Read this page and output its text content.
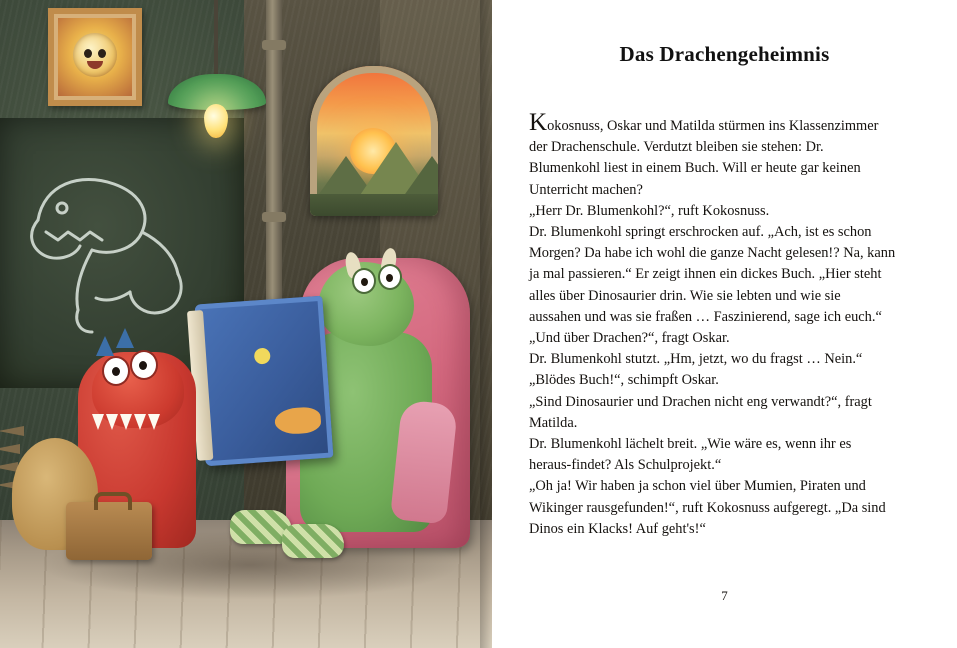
Das Drachengeheimnis

Kokosnuss, Oskar und Matilda stürmen ins Klassenzimmer der Drachenschule. Verdutzt bleiben sie stehen: Dr. Blumenkohl liest in einem Buch. Will er heute gar keinen Unterricht machen?

„Herr Dr. Blumenkohl?“, ruft Kokosnuss.

Dr. Blumenkohl springt erschrocken auf. „Ach, ist es schon Morgen? Da habe ich wohl die ganze Nacht gelesen!? Na, kann ja mal passieren.“ Er zeigt ihnen ein dickes Buch. „Hier steht alles über Dinosaurier drin. Wie sie lebten und wie sie aussahen und was sie fraßen … Faszinierend, sage ich euch.“

„Und über Drachen?“, fragt Oskar.

Dr. Blumenkohl stutzt. „Hm, jetzt, wo du fragst … Nein.“

„Blödes Buch!“, schimpft Oskar.

„Sind Dinosaurier und Drachen nicht eng verwandt?“, fragt Matilda.

Dr. Blumenkohl lächelt breit. „Wie wäre es, wenn ihr es heraus-findet? Als Schulprojekt.“

„Oh ja! Wir haben ja schon viel über Mumien, Piraten und Wikinger rausgefunden!“, ruft Kokosnuss aufgeregt. „Da sind Dinos ein Klacks! Auf geht's!“

7
